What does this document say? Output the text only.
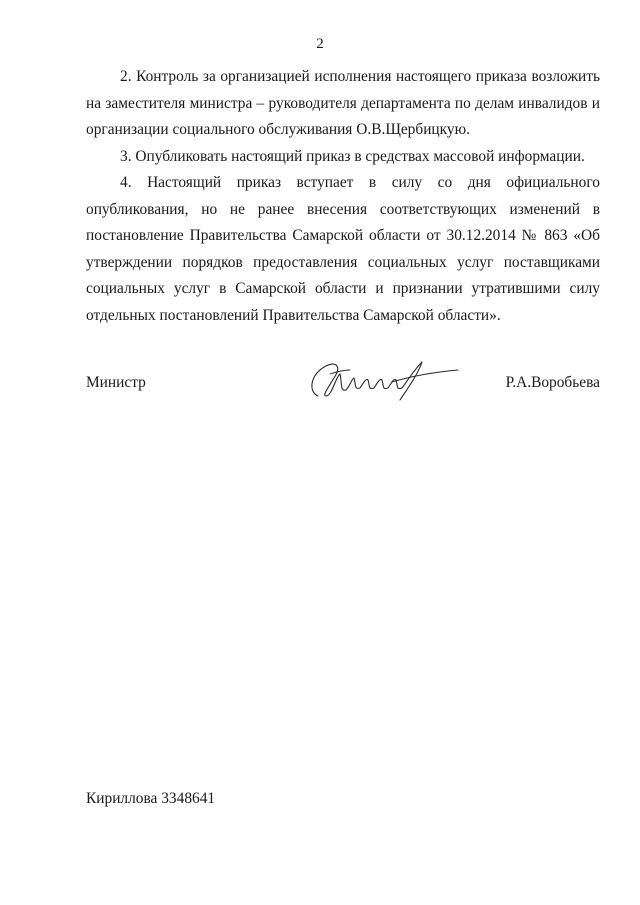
2

2. Контроль за организацией исполнения настоящего приказа возложить на заместителя министра – руководителя департамента по делам инвалидов и организации социального обслуживания О.В.Щербицкую.

3. Опубликовать настоящий приказ в средствах массовой информации.

4. Настоящий приказ вступает в силу со дня официального опубликования, но не ранее внесения соответствующих изменений в постановление Правительства Самарской области от 30.12.2014 № 863 «Об утверждении порядков предоставления социальных услуг поставщиками социальных услуг в Самарской области и признании утратившими силу отдельных постановлений Правительства Самарской области».

Министр	Р.А.Воробьева
Кириллова 3348641
